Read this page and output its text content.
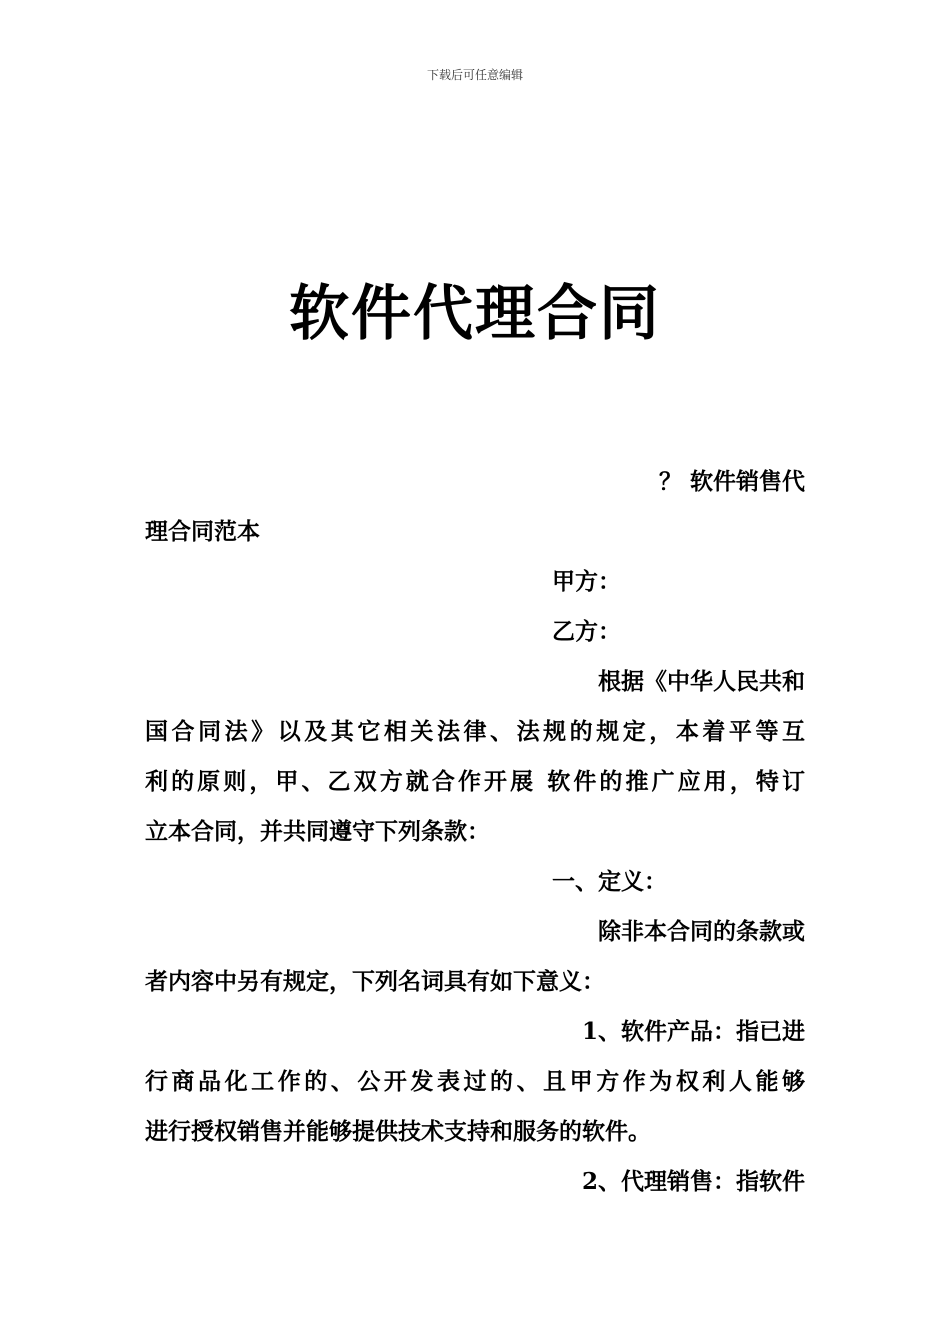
下载后可任意编辑
软件代理合同
？ 软件销售代
理合同范本
甲方：
乙方：
根据《中华人民共和
国合同法》以及其它相关法律、法规的规定，本着平等互
利的原则，甲、乙双方就合作开展 软件的推广应用，特订
立本合同，并共同遵守下列条款：
一、定义：
除非本合同的条款或
者内容中另有规定，下列名词具有如下意义：
1、软件产品：指已进
行商品化工作的、公开发表过的、且甲方作为权利人能够
进行授权销售并能够提供技术支持和服务的软件。
2、代理销售：指软件
